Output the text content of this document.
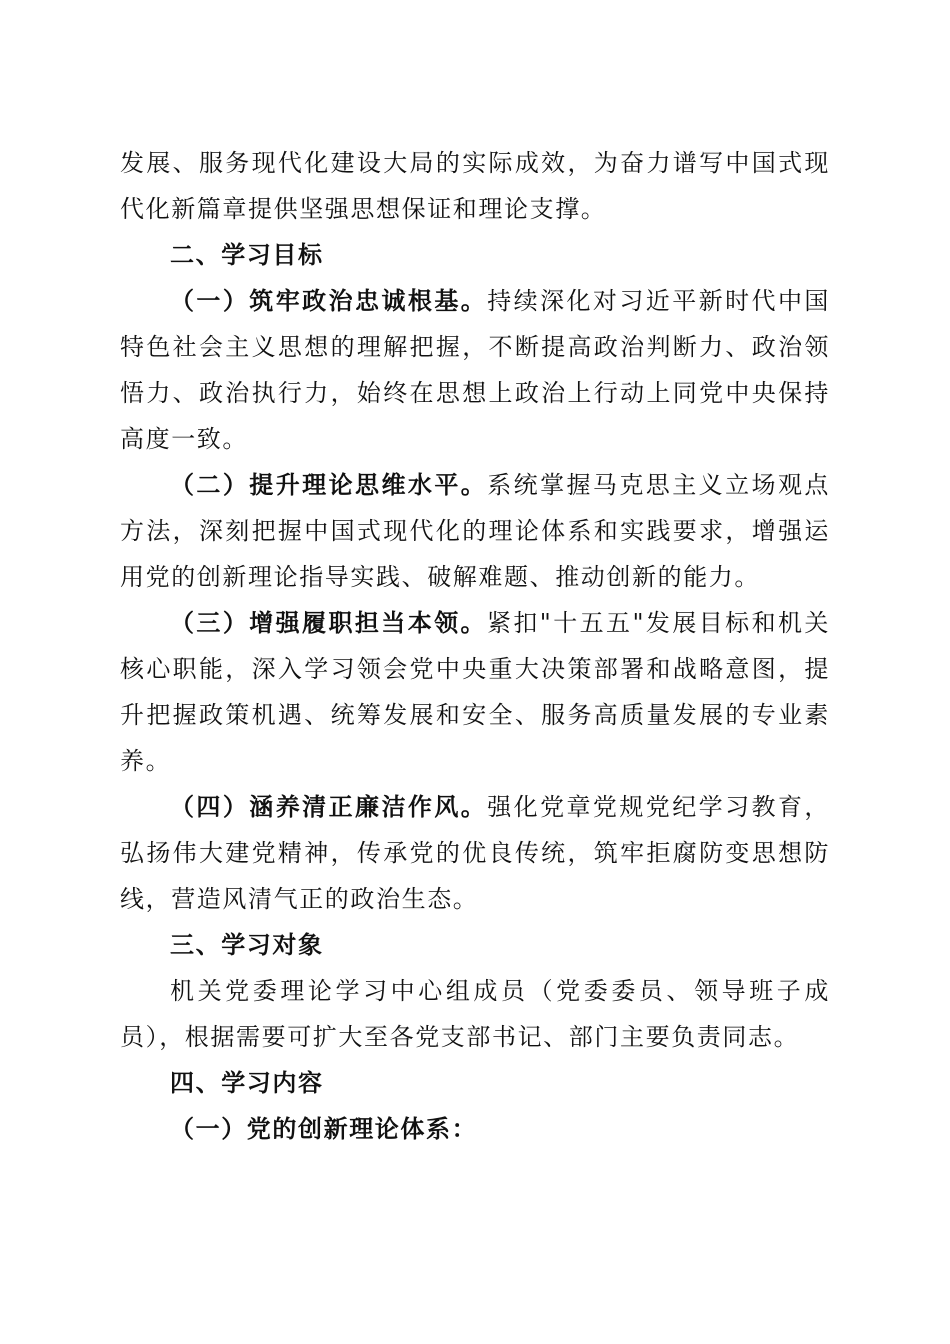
发展、服务现代化建设大局的实际成效，为奋力谱写中国式现代化新篇章提供坚强思想保证和理论支撑。

二、学习目标

（一）筑牢政治忠诚根基。持续深化对习近平新时代中国特色社会主义思想的理解把握，不断提高政治判断力、政治领悟力、政治执行力，始终在思想上政治上行动上同党中央保持高度一致。

（二）提升理论思维水平。系统掌握马克思主义立场观点方法，深刻把握中国式现代化的理论体系和实践要求，增强运用党的创新理论指导实践、破解难题、推动创新的能力。

（三）增强履职担当本领。紧扣"十五五"发展目标和机关核心职能，深入学习领会党中央重大决策部署和战略意图，提升把握政策机遇、统筹发展和安全、服务高质量发展的专业素养。

（四）涵养清正廉洁作风。强化党章党规党纪学习教育，弘扬伟大建党精神，传承党的优良传统，筑牢拒腐防变思想防线，营造风清气正的政治生态。

三、学习对象

机关党委理论学习中心组成员（党委委员、领导班子成员），根据需要可扩大至各党支部书记、部门主要负责同志。

四、学习内容

（一）党的创新理论体系：
